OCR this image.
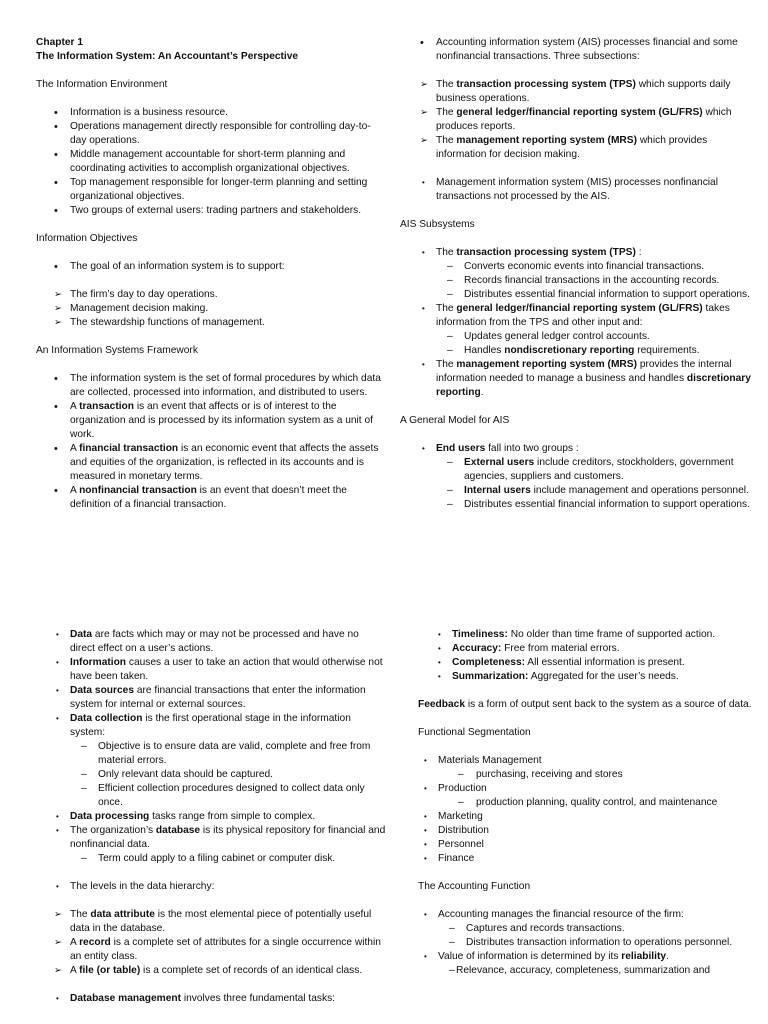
Chapter 1

The Information System: An Accountant’s Perspective

The Information Environment

• Information is a business resource.
• Operations management directly responsible for controlling day-to-day operations.
• Middle management accountable for short-term planning and coordinating activities to accomplish organizational objectives.
• Top management responsible for longer-term planning and setting organizational objectives.
• Two groups of external users: trading partners and stakeholders.

Information Objectives

• The goal of an information system is to support:
➢ The firm’s day to day operations.
➢ Management decision making.
➢ The stewardship functions of management.

An Information Systems Framework

• The information system is the set of formal procedures by which data are collected, processed into information, and distributed to users.
• A transaction is an event that affects or is of interest to the organization and is processed by its information system as a unit of work.
• A financial transaction is an economic event that affects the assets and equities of the organization, is reflected in its accounts and is measured in monetary terms.
• A nonfinancial transaction is an event that doesn’t meet the definition of a financial transaction.
• Accounting information system (AIS) processes financial and some nonfinancial transactions. Three subsections:
➢ The transaction processing system (TPS) which supports daily business operations.
➢ The general ledger/financial reporting system (GL/FRS) which produces reports.
➢ The management reporting system (MRS) which provides information for decision making.
• Management information system (MIS) processes nonfinancial transactions not processed by the AIS.

AIS Subsystems

• The transaction processing system (TPS) :
– Converts economic events into financial transactions.
– Records financial transactions in the accounting records.
– Distributes essential financial information to support operations.
• The general ledger/financial reporting system (GL/FRS) takes information from the TPS and other input and:
– Updates general ledger control accounts.
– Handles nondiscretionary reporting requirements.
• The management reporting system (MRS) provides the internal information needed to manage a business and handles discretionary reporting.

A General Model for AIS

• End users fall into two groups :
– External users include creditors, stockholders, government agencies, suppliers and customers.
– Internal users include management and operations personnel.
– Distributes essential financial information to support operations.
• Data are facts which may or may not be processed and have no direct effect on a user’s actions.
• Information causes a user to take an action that would otherwise not have been taken.
• Data sources are financial transactions that enter the information system for internal or external sources.
• Data collection is the first operational stage in the information system:
– Objective is to ensure data are valid, complete and free from material errors.
– Only relevant data should be captured.
– Efficient collection procedures designed to collect data only once.
• Data processing tasks range from simple to complex.
• The organization’s database is its physical repository for financial and nonfinancial data.
– Term could apply to a filing cabinet or computer disk.
• The levels in the data hierarchy:
➢ The data attribute is the most elemental piece of potentially useful data in the database.
➢ A record is a complete set of attributes for a single occurrence within an entity class.
➢ A file (or table) is a complete set of records of an identical class.
• Database management involves three fundamental tasks:
• Timeliness: No older than time frame of supported action.
• Accuracy: Free from material errors.
• Completeness: All essential information is present.
• Summarization: Aggregated for the user’s needs.

Feedback is a form of output sent back to the system as a source of data.

Functional Segmentation

• Materials Management
– purchasing, receiving and stores
• Production
– production planning, quality control, and maintenance
• Marketing
• Distribution
• Personnel
• Finance

The Accounting Function

• Accounting manages the financial resource of the firm:
– Captures and records transactions.
– Distributes transaction information to operations personnel.
• Value of information is determined by its reliability.
– Relevance, accuracy, completeness, summarization and
